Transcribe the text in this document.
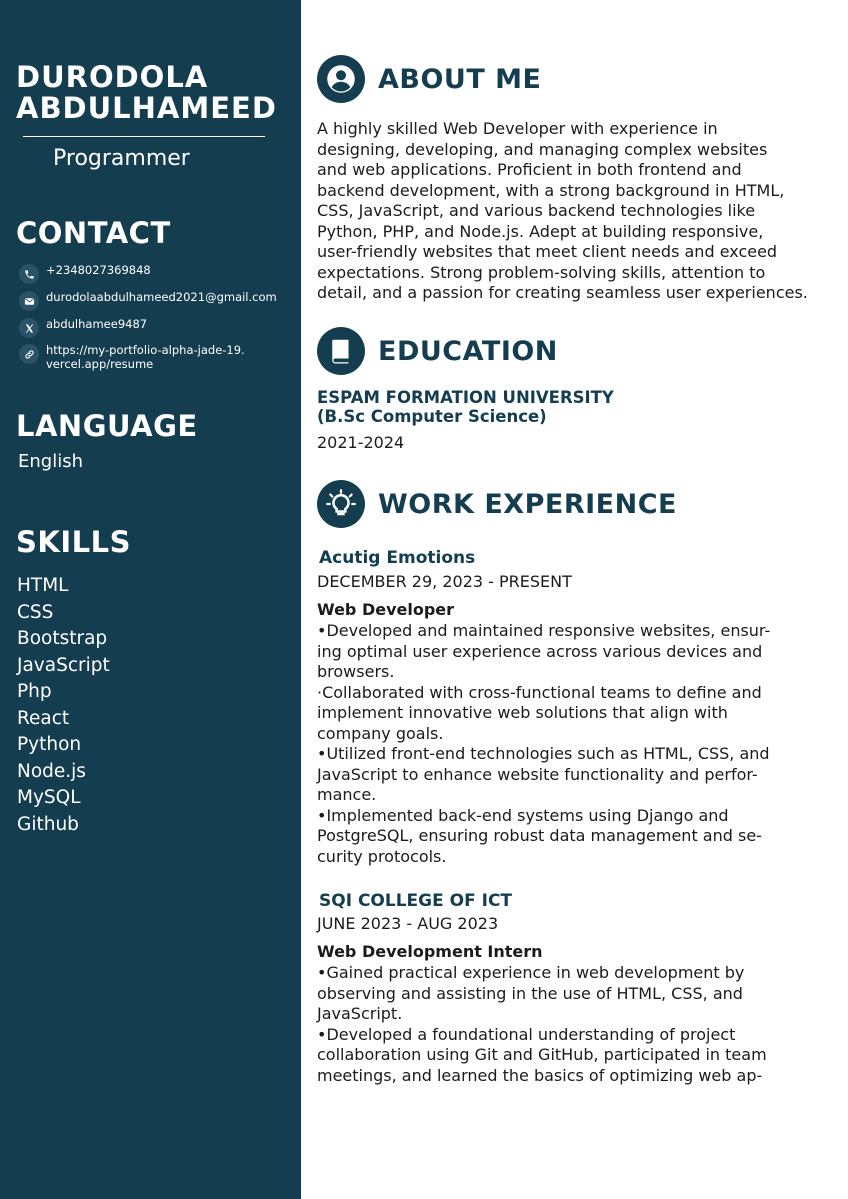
DURODOLA
ABDULHAMEED
Programmer
CONTACT
+2348027369848
durodolaabdulhameed2021@gmail.com
abdulhamee9487
https://my-portfolio-alpha-jade-19.
vercel.app/resume
LANGUAGE
English
SKILLS
HTML
CSS
Bootstrap
JavaScript
Php
React
Python
Node.js
MySQL
Github
ABOUT ME
A highly skilled Web Developer with experience in
designing, developing, and managing complex websites
and web applications. Proficient in both frontend and
backend development, with a strong background in HTML,
CSS, JavaScript, and various backend technologies like
Python, PHP, and Node.js. Adept at building responsive,
user-friendly websites that meet client needs and exceed
expectations. Strong problem-solving skills, attention to
detail, and a passion for creating seamless user experiences.
EDUCATION
ESPAM FORMATION UNIVERSITY
(B.Sc Computer Science)
2021-2024
WORK EXPERIENCE
Acutig Emotions
DECEMBER 29, 2023 - PRESENT
Web Developer
•Developed and maintained responsive websites, ensur-
ing optimal user experience across various devices and
browsers.
·Collaborated with cross-functional teams to define and
implement innovative web solutions that align with
company goals.
•Utilized front-end technologies such as HTML, CSS, and
JavaScript to enhance website functionality and perfor-
mance.
•Implemented back-end systems using Django and
PostgreSQL, ensuring robust data management and se-
curity protocols.
SQI COLLEGE OF ICT
JUNE 2023 - AUG 2023
Web Development Intern
•Gained practical experience in web development by
observing and assisting in the use of HTML, CSS, and
JavaScript.
•Developed a foundational understanding of project
collaboration using Git and GitHub, participated in team
meetings, and learned the basics of optimizing web ap-
